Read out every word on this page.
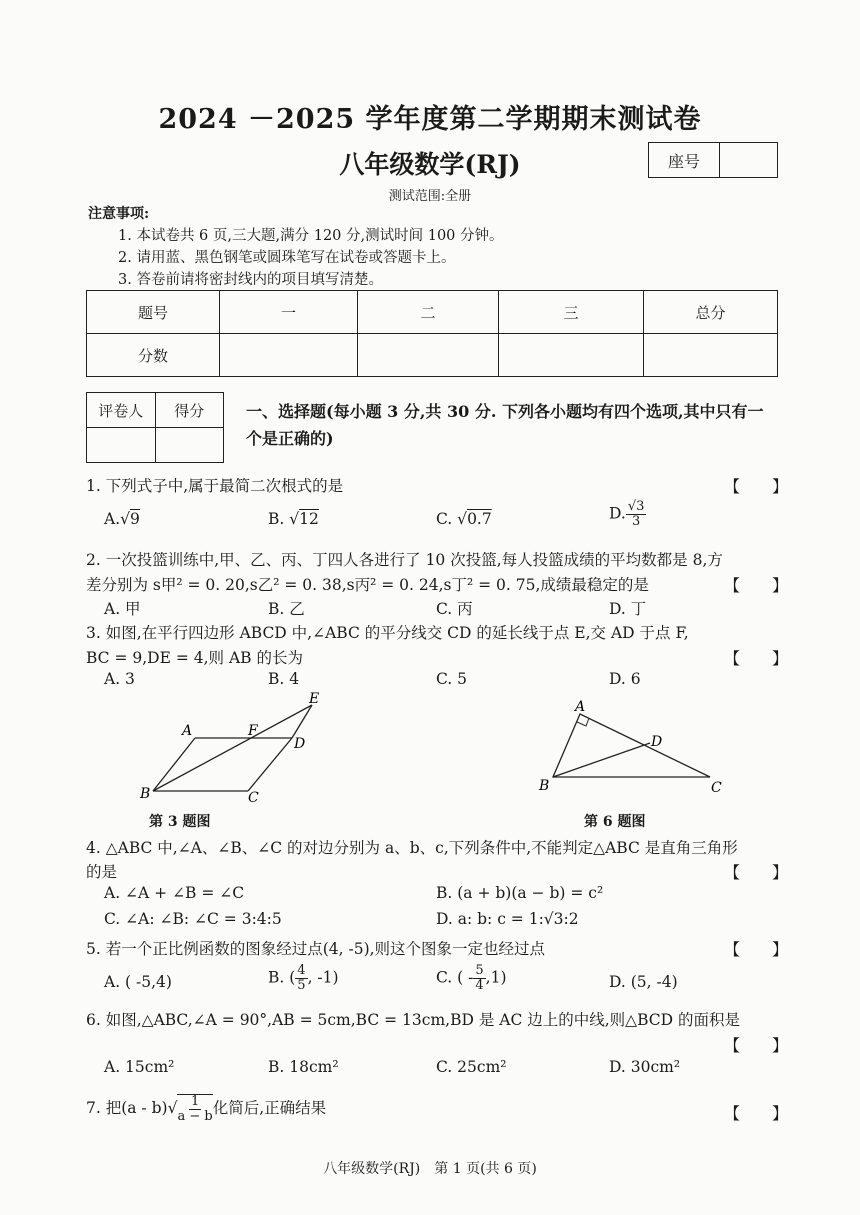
2024 －2025 学年度第二学期期末测试卷
八年级数学(RJ)	座号
测试范围:全册
注意事项:
1. 本试卷共 6 页,三大题,满分 120 分,测试时间 100 分钟。
2. 请用蓝、黑色钢笔或圆珠笔写在试卷或答题卡上。
3. 答卷前请将密封线内的项目填写清楚。
题号	一	二	三	总分
分数				
评卷人	得分
		一、选择题(每小题 3 分,共 30 分. 下列各小题均有四个选项,其中只有一个是正确的)
1. 下列式子中,属于最简二次根式的是	【　　】
A.√9	B. √12	C. √0.7	D. $\frac{√3}{3}$
2. 一次投篮训练中,甲、乙、丙、丁四人各进行了 10 次投篮,每人投篮成绩的平均数都是 8,方
差分别为 s甲² = 0. 20,s乙² = 0. 38,s丙² = 0. 24,s丁² = 0. 75,成绩最稳定的是	【　　】
A. 甲	B. 乙	C. 丙	D. 丁
3. 如图,在平行四边形 ABCD 中,∠ABC 的平分线交 CD 的延长线于点 E,交 AD 于点 F,
BC = 9,DE = 4,则 AB 的长为	【　　】
A. 3	B. 4	C. 5	D. 6
A	F
D
E
B	C
第 3 题图
A
D
B	C
第 6 题图
4. △ABC 中,∠A、∠B、∠C 的对边分别为 a、b、c,下列条件中,不能判定△ABC 是直角三角形
的是	【　　】
A. ∠A + ∠B = ∠C	B. (a + b)(a − b) = c²
C. ∠A: ∠B: ∠C = 3:4:5	D. a: b: c = 1:√3:2
5. 若一个正比例函数的图象经过点(4, -5),则这个图象一定也经过点	【　　】
A. ( -5,4)	B. ( $\frac{4}{5}$ , -1)	C. ( - $\frac{5}{4} ,1$)	D. (5, -4)
6. 如图,△ABC,∠A = 90°,AB = 5cm,BC = 13cm,BD 是 AC 边上的中线,则△BCD 的面积是
【　　】
A. 15cm²	B. 18cm²	C. 25cm²	D. 30cm²
7. 把$(a - b)√ \frac{1}{a - b}$ 化简后,正确结果	【　　】
八年级数学(RJ)　第 1 页(共 6 页)
